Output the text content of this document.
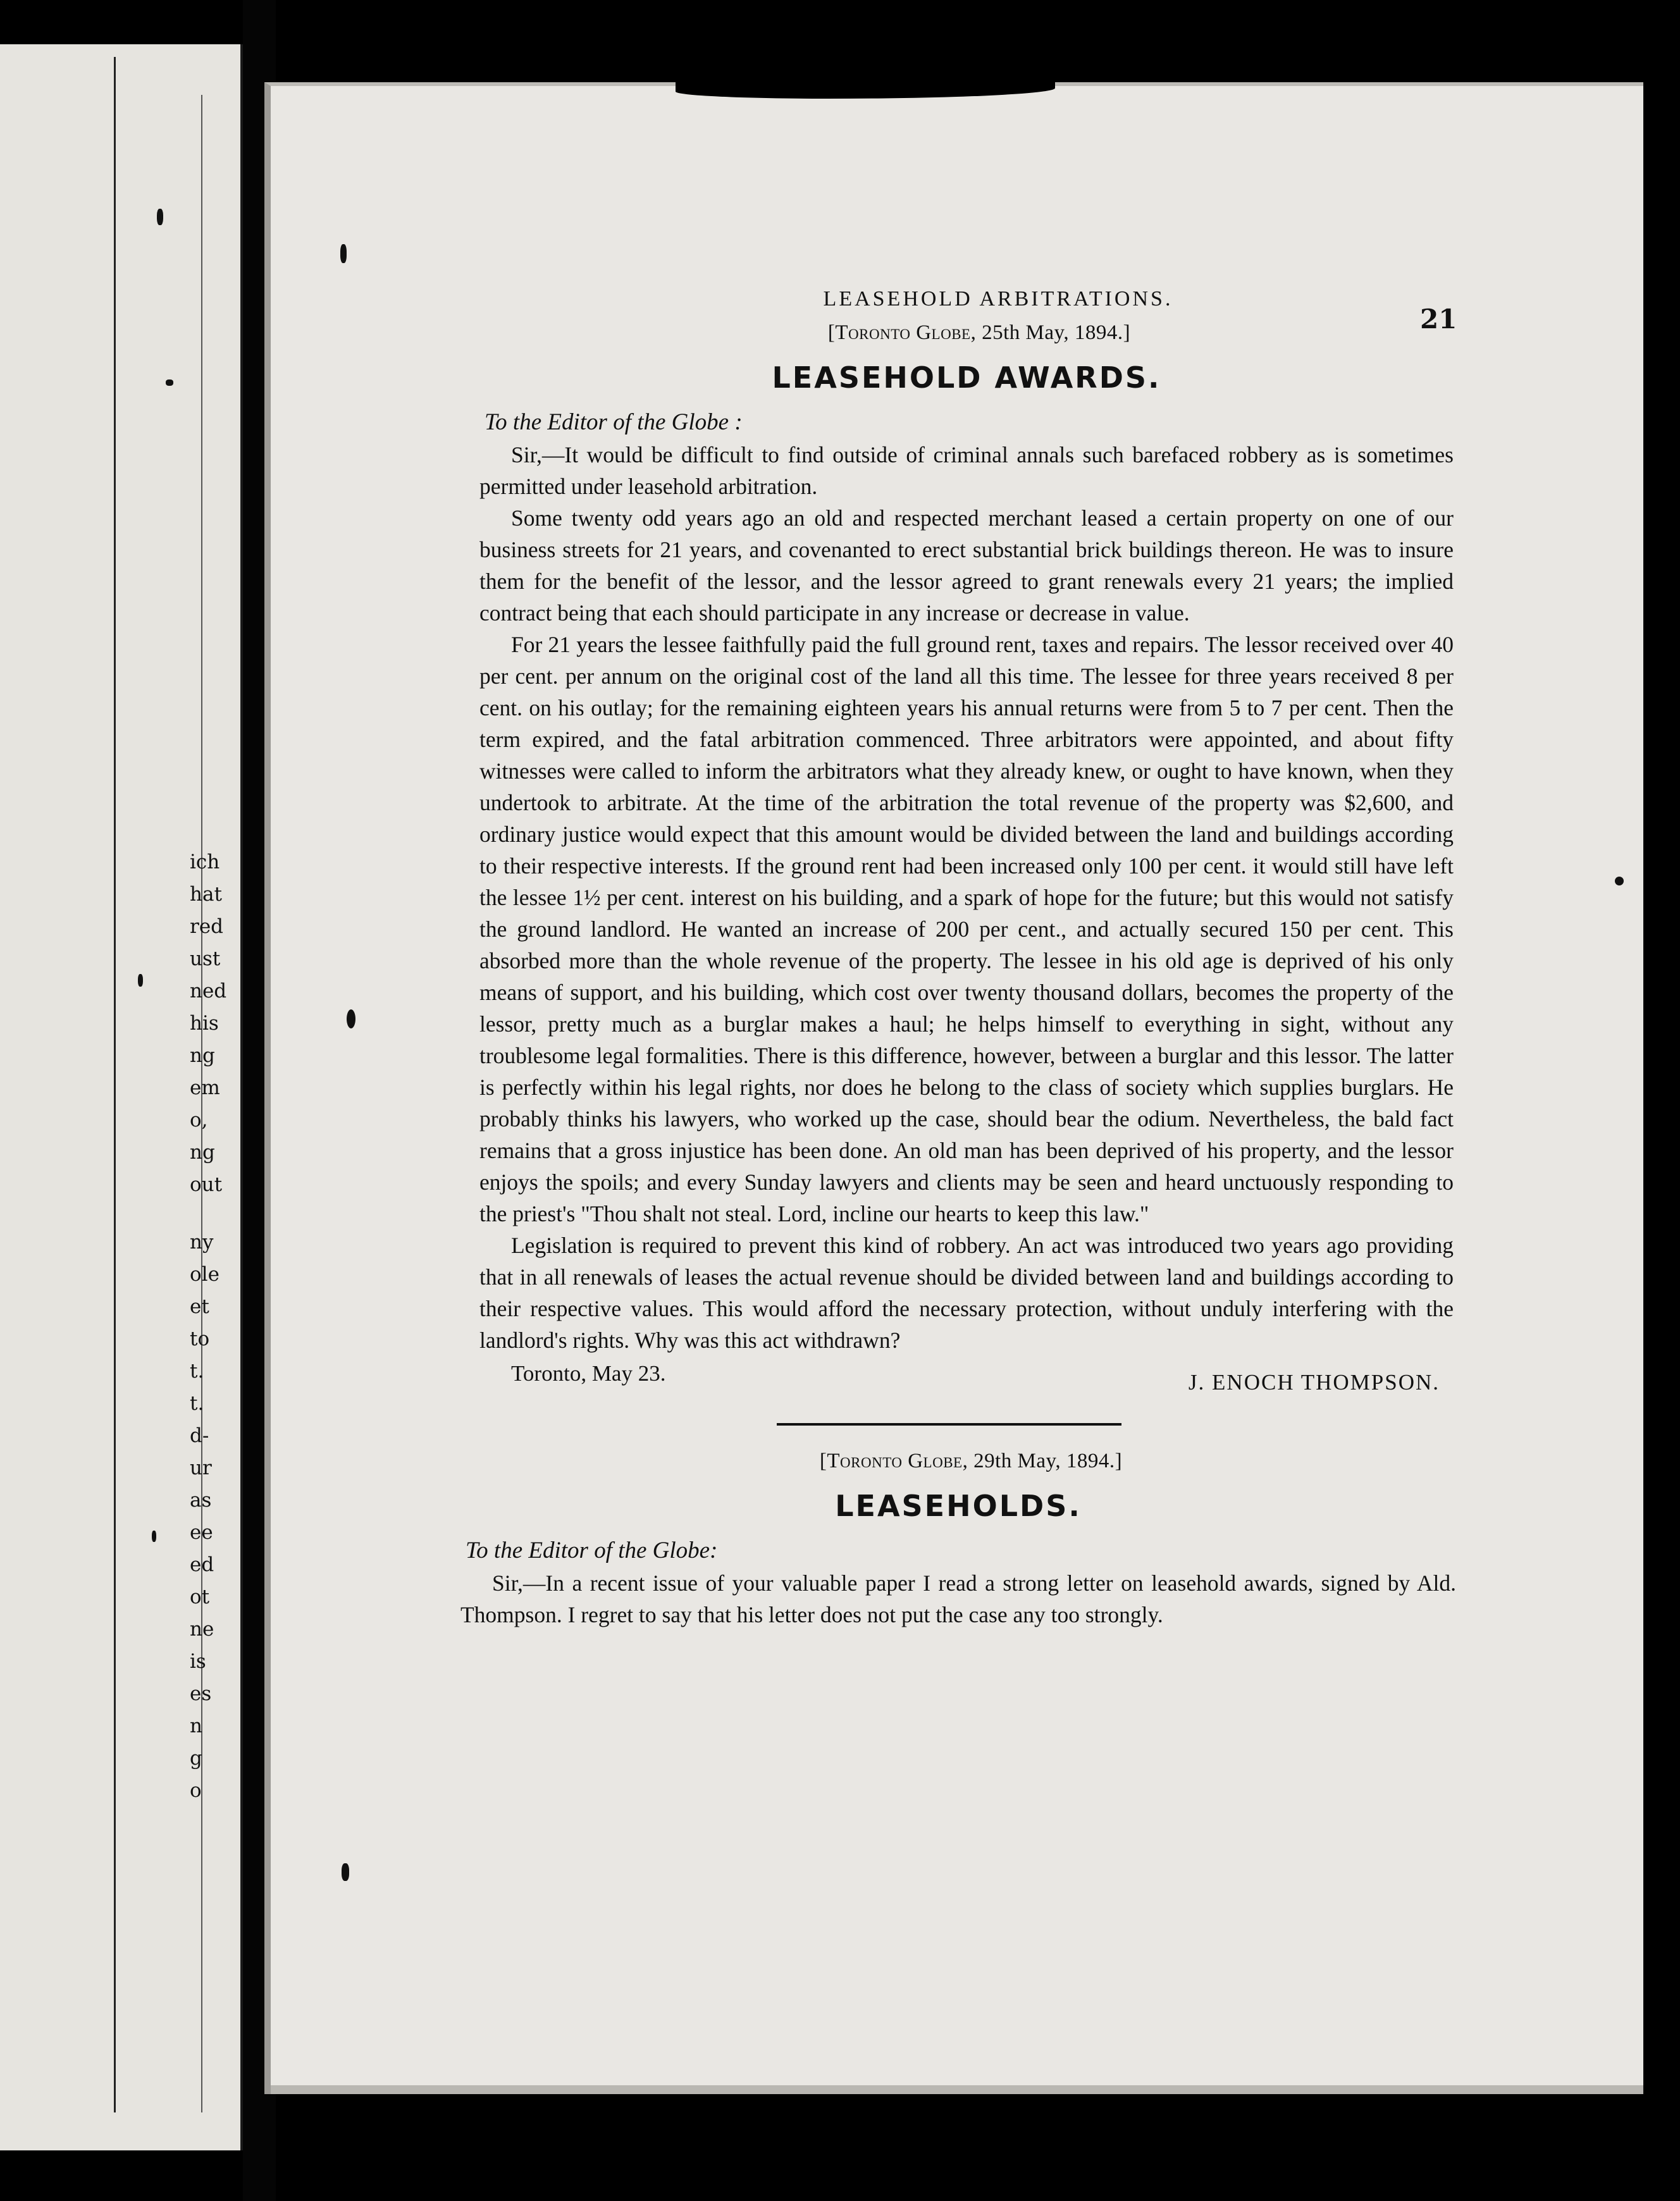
ich
hat
red
ust
ned
his
ng
em
o,
ng
out
ny
ole
et
to
t.
t.
d-
ur
as
ee
ed
ot
ne
is
es
n
g
o
21
LEASEHOLD ARBITRATIONS.
[Toronto Globe, 25th May, 1894.]
LEASEHOLD AWARDS.
To the Editor of the Globe :

Sir,—It would be difficult to find outside of criminal annals such barefaced robbery as is sometimes permitted under leasehold arbitration.

Some twenty odd years ago an old and respected merchant leased a certain property on one of our business streets for 21 years, and covenanted to erect substantial brick buildings thereon. He was to insure them for the benefit of the lessor, and the lessor agreed to grant renewals every 21 years; the implied contract being that each should participate in any increase or decrease in value.

For 21 years the lessee faithfully paid the full ground rent, taxes and repairs. The lessor received over 40 per cent. per annum on the original cost of the land all this time. The lessee for three years received 8 per cent. on his outlay; for the remaining eighteen years his annual returns were from 5 to 7 per cent. Then the term expired, and the fatal arbitration commenced. Three arbitrators were appointed, and about fifty witnesses were called to inform the arbitrators what they already knew, or ought to have known, when they undertook to arbitrate. At the time of the arbitration the total revenue of the property was $2,600, and ordinary justice would expect that this amount would be divided between the land and buildings according to their respective interests. If the ground rent had been increased only 100 per cent. it would still have left the lessee 1½ per cent. interest on his building, and a spark of hope for the future; but this would not satisfy the ground landlord. He wanted an increase of 200 per cent., and actually secured 150 per cent. This absorbed more than the whole revenue of the property. The lessee in his old age is deprived of his only means of support, and his building, which cost over twenty thousand dollars, becomes the property of the lessor, pretty much as a burglar makes a haul; he helps himself to everything in sight, without any troublesome legal formalities. There is this difference, however, between a burglar and this lessor. The latter is perfectly within his legal rights, nor does he belong to the class of society which supplies burglars. He probably thinks his lawyers, who worked up the case, should bear the odium. Nevertheless, the bald fact remains that a gross injustice has been done. An old man has been deprived of his property, and the lessor enjoys the spoils; and every Sunday lawyers and clients may be seen and heard unctuously responding to the priest's "Thou shalt not steal. Lord, incline our hearts to keep this law."

Legislation is required to prevent this kind of robbery. An act was introduced two years ago providing that in all renewals of leases the actual revenue should be divided between land and buildings according to their respective values. This would afford the necessary protection, without unduly interfering with the landlord's rights. Why was this act withdrawn?

Toronto, May 23.	J. ENOCH THOMPSON.
[Toronto Globe, 29th May, 1894.]
LEASEHOLDS.
To the Editor of the Globe:

Sir,—In a recent issue of your valuable paper I read a strong letter on leasehold awards, signed by Ald. Thompson. I regret to say that his letter does not put the case any too strongly.
